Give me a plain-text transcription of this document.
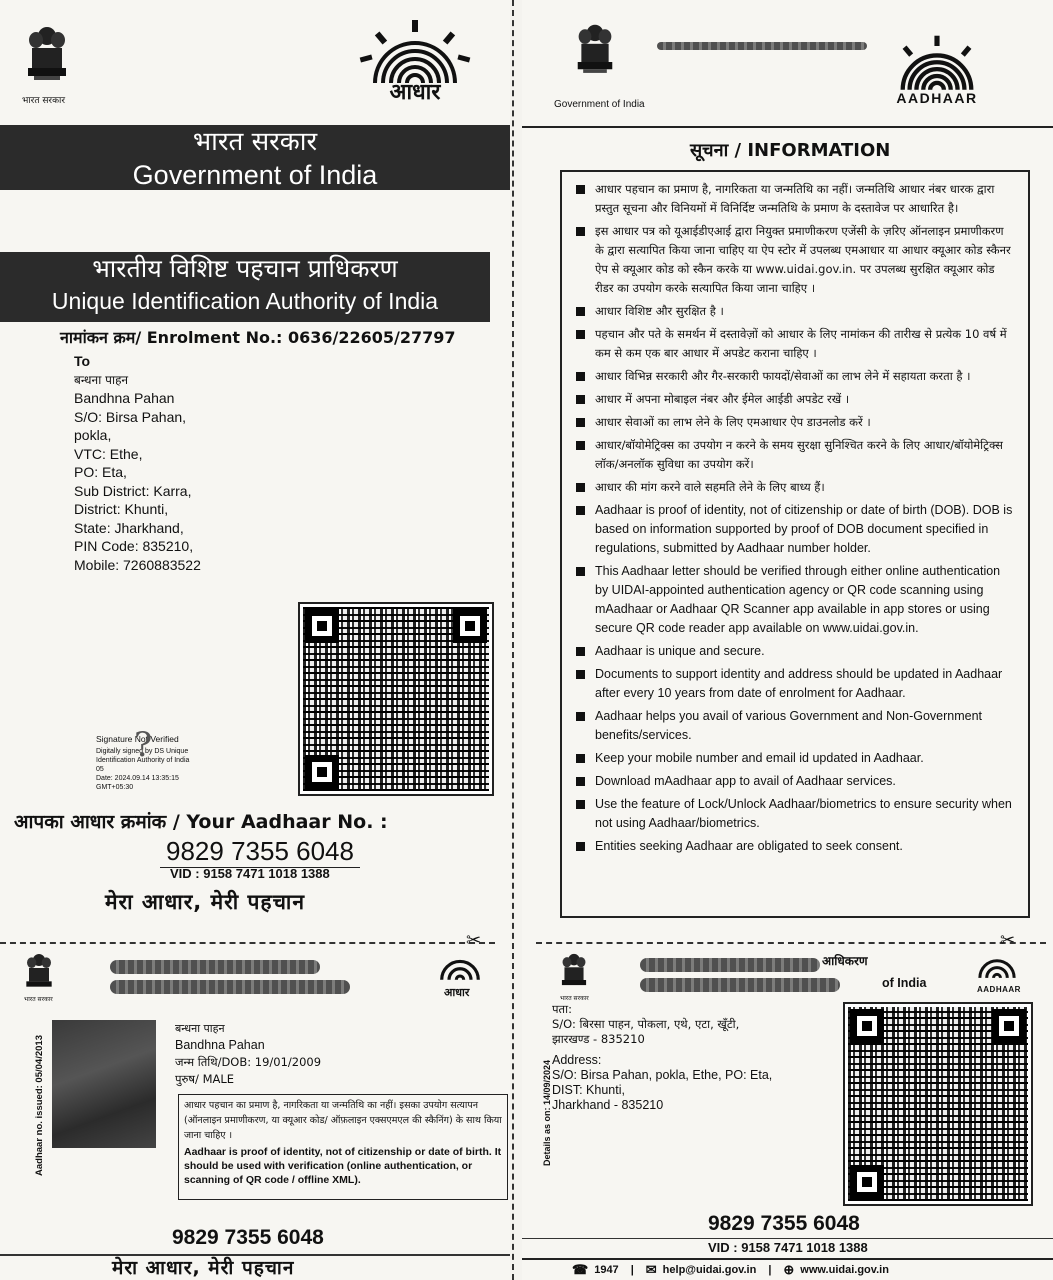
भारत सरकार	आधार
भारत सरकार
Government of India
भारतीय विशिष्ट पहचान प्राधिकरण
Unique Identification Authority of India
नामांकन क्रम/ Enrolment No.: 0636/22605/27797
To
बन्धना पाहन
Bandhna Pahan
S/O: Birsa Pahan,
pokla,
VTC: Ethe,
PO: Eta,
Sub District: Karra,
District: Khunti,
State: Jharkhand,
PIN Code: 835210,
Mobile: 7260883522
Signature Not Verified
Digitally signed by DS Unique
Identification Authority of India
05
Date: 2024.09.14 13:35:15
GMT+05:30
?
आपका आधार क्रमांक / Your Aadhaar No. :
9829 7355 6048
VID : 9158 7471 1018 1388
मेरा आधार, मेरी पहचान
✂
भारत सरकार
आधार
Aadhaar no. issued: 05/04/2013
बन्धना पाहन
Bandhna Pahan
जन्म तिथि/DOB: 19/01/2009
पुरुष/ MALE
आधार पहचान का प्रमाण है, नागरिकता या जन्मतिथि का नहीं। इसका उपयोग सत्यापन (ऑनलाइन प्रमाणीकरण, या क्यूआर कोड/ ऑफ़लाइन एक्सएमएल की स्कैनिंग) के साथ किया जाना चाहिए ।
Aadhaar is proof of identity, not of citizenship or date of birth. It should be used with verification (online authentication, or scanning of QR code / offline XML).
9829 7355 6048
मेरा आधार, मेरी पहचान
Government of India	AADHAAR
सूचना / INFORMATION
आधार पहचान का प्रमाण है, नागरिकता या जन्मतिथि का नहीं। जन्मतिथि आधार नंबर धारक द्वारा प्रस्तुत सूचना और विनियमों में विनिर्दिष्ट जन्मतिथि के प्रमाण के दस्तावेज पर आधारित है।
इस आधार पत्र को यूआईडीएआई द्वारा नियुक्त प्रमाणीकरण एजेंसी के ज़रिए ऑनलाइन प्रमाणीकरण के द्वारा सत्यापित किया जाना चाहिए या ऐप स्टोर में उपलब्ध एमआधार या आधार क्यूआर कोड स्कैनर ऐप से क्यूआर कोड को स्कैन करके या www.uidai.gov.in. पर उपलब्ध सुरक्षित क्यूआर कोड रीडर का उपयोग करके सत्यापित किया जाना चाहिए ।
आधार विशिष्ट और सुरक्षित है ।
पहचान और पते के समर्थन में दस्तावेज़ों को आधार के लिए नामांकन की तारीख से प्रत्येक 10 वर्ष में कम से कम एक बार आधार में अपडेट कराना चाहिए ।
आधार विभिन्न सरकारी और गैर-सरकारी फायदों/सेवाओं का लाभ लेने में सहायता करता है ।
आधार में अपना मोबाइल नंबर और ईमेल आईडी अपडेट रखें ।
आधार सेवाओं का लाभ लेने के लिए एमआधार ऐप डाउनलोड करें ।
आधार/बॉयोमेट्रिक्स का उपयोग न करने के समय सुरक्षा सुनिश्चित करने के लिए आधार/बॉयोमेट्रिक्स लॉक/अनलॉक सुविधा का उपयोग करें।
आधार की मांग करने वाले सहमति लेने के लिए बाध्य हैं।
Aadhaar is proof of identity, not of citizenship or date of birth (DOB). DOB is based on information supported by proof of DOB document specified in regulations, submitted by Aadhaar number holder.
This Aadhaar letter should be verified through either online authentication by UIDAI-appointed authentication agency or QR code scanning using mAadhaar or Aadhaar QR Scanner app available in app stores or using secure QR code reader app available on www.uidai.gov.in.
Aadhaar is unique and secure.
Documents to support identity and address should be updated in Aadhaar after every 10 years from date of enrolment for Aadhaar.
Aadhaar helps you avail of various Government and Non-Government benefits/services.
Keep your mobile number and email id updated in Aadhaar.
Download mAadhaar app to avail of Aadhaar services.
Use the feature of Lock/Unlock Aadhaar/biometrics to ensure security when not using Aadhaar/biometrics.
Entities seeking Aadhaar are obligated to seek consent.
✂
भारत सरकार
आधिकरण
of India	AADHAAR
Details as on: 14/09/2024
पता:
S/O: बिरसा पाहन, पोकला, एथे, एटा, खूँटी,
झारखण्ड - 835210
Address:
S/O: Birsa Pahan, pokla, Ethe, PO: Eta,
DIST: Khunti,
Jharkhand - 835210
9829 7355 6048
VID : 9158 7471 1018 1388
☎ 1947 | ✉ help@uidai.gov.in | ⊕ www.uidai.gov.in
